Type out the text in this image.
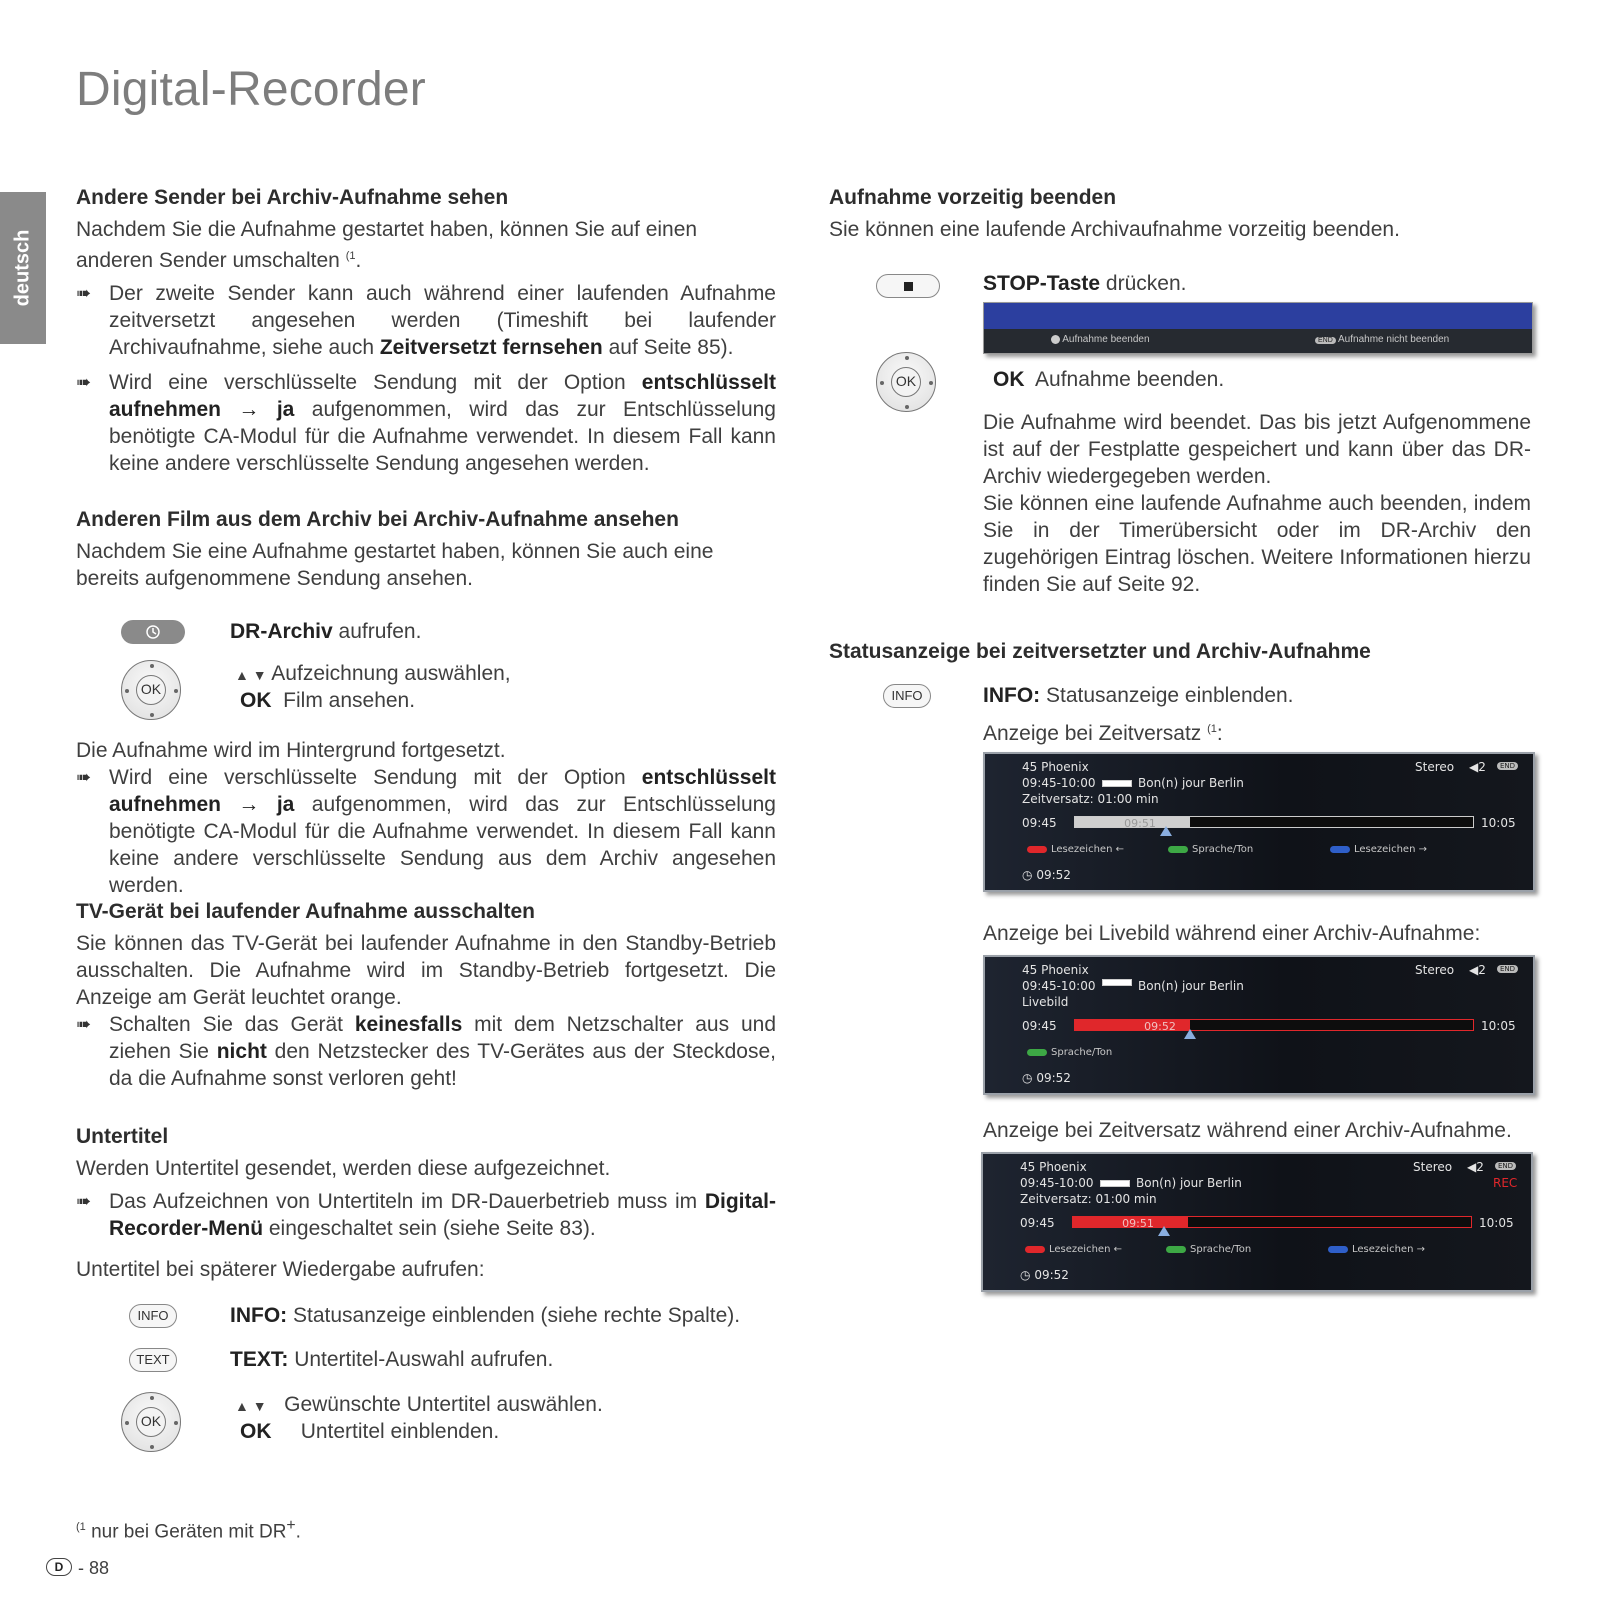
Digital-Recorder
deutsch

Andere Sender bei Archiv-Aufnahme sehen

Nachdem Sie die Aufnahme gestartet haben, können Sie auf einen anderen Sender umschalten $^{(1}$.

➠ Der zweite Sender kann auch während einer laufenden Aufnahme zeitversetzt angesehen werden (Timeshift bei laufender Archivaufnahme, siehe auch Zeitversetzt fernsehen auf Seite 85).
➠ Wird eine verschlüsselte Sendung mit der Option entschlüsselt aufnehmen → ja aufgenommen, wird das zur Entschlüsselung benötigte CA-Modul für die Aufnahme verwendet. In diesem Fall kann keine andere verschlüsselte Sendung angesehen werden.

Anderen Film aus dem Archiv bei Archiv-Aufnahme ansehen

Nachdem Sie eine Aufnahme gestartet haben, können Sie auch eine bereits aufgenommene Sendung ansehen.

DR-Archiv aufrufen.
OK
▲ ▼ Aufzeichnung auswählen,
OK Film ansehen.

Die Aufnahme wird im Hintergrund fortgesetzt.

➠ Wird eine verschlüsselte Sendung mit der Option entschlüsselt aufnehmen → ja aufgenommen, wird das zur Entschlüsselung benötigte CA-Modul für die Aufnahme verwendet. In diesem Fall kann keine andere verschlüsselte Sendung aus dem Archiv angesehen werden.

TV-Gerät bei laufender Aufnahme ausschalten

Sie können das TV-Gerät bei laufender Aufnahme in den Standby-Betrieb ausschalten. Die Aufnahme wird im Standby-Betrieb fortgesetzt. Die Anzeige am Gerät leuchtet orange.

➠ Schalten Sie das Gerät keinesfalls mit dem Netzschalter aus und ziehen Sie nicht den Netzstecker des TV-Gerätes aus der Steckdose, da die Aufnahme sonst verloren geht!

Untertitel

Werden Untertitel gesendet, werden diese aufgezeichnet.

➠ Das Aufzeichnen von Untertiteln im DR-Dauerbetrieb muss im Digital-Recorder-Menü eingeschaltet sein (siehe Seite 83).

Untertitel bei späterer Wiedergabe aufrufen:

INFO	INFO: Statusanzeige einblenden (siehe rechte Spalte).
TEXT	TEXT: Untertitel-Auswahl aufrufen.
OK
▲ ▼ Gewünschte Untertitel auswählen.
OK Untertitel einblenden.
$^{(1}$ nur bei Geräten mit DR+.
D - 88

Aufnahme vorzeitig beenden

Sie können eine laufende Archivaufnahme vorzeitig beenden.

STOP-Taste drücken.
Aufnahme beenden	END Aufnahme nicht beenden
OK	OK Aufnahme beenden.

Die Aufnahme wird beendet. Das bis jetzt Aufgenommene ist auf der Festplatte gespeichert und kann über das DR-Archiv wiedergegeben werden.

Sie können eine laufende Aufnahme auch beenden, indem Sie in der Timerübersicht oder im DR-Archiv den zugehörigen Eintrag löschen. Weitere Informationen hierzu finden Sie auf Seite 92.

Statusanzeige bei zeitversetzter und Archiv-Aufnahme

INFO	INFO: Statusanzeige einblenden.
Anzeige bei Zeitversatz $^{(1}$:
45 Phoenix
09:45-10:00	Bon(n) jour Berlin
Zeitversatz: 01:00 min
Stereo ◀2	END
09:45	09:51	10:05
Lesezeichen ←	Sprache/Ton	Lesezeichen →
◷ 09:52
Anzeige bei Livebild während einer Archiv-Aufnahme:
45 Phoenix
09:45-10:00	Bon(n) jour Berlin
Livebild
Stereo ◀2	END
09:45	09:52	10:05
Sprache/Ton
◷ 09:52
Anzeige bei Zeitversatz während einer Archiv-Aufnahme.
45 Phoenix
09:45-10:00	Bon(n) jour Berlin
Zeitversatz: 01:00 min
Stereo ◀2	END
REC
09:45	09:51	10:05
Lesezeichen ←	Sprache/Ton	Lesezeichen →
◷ 09:52
